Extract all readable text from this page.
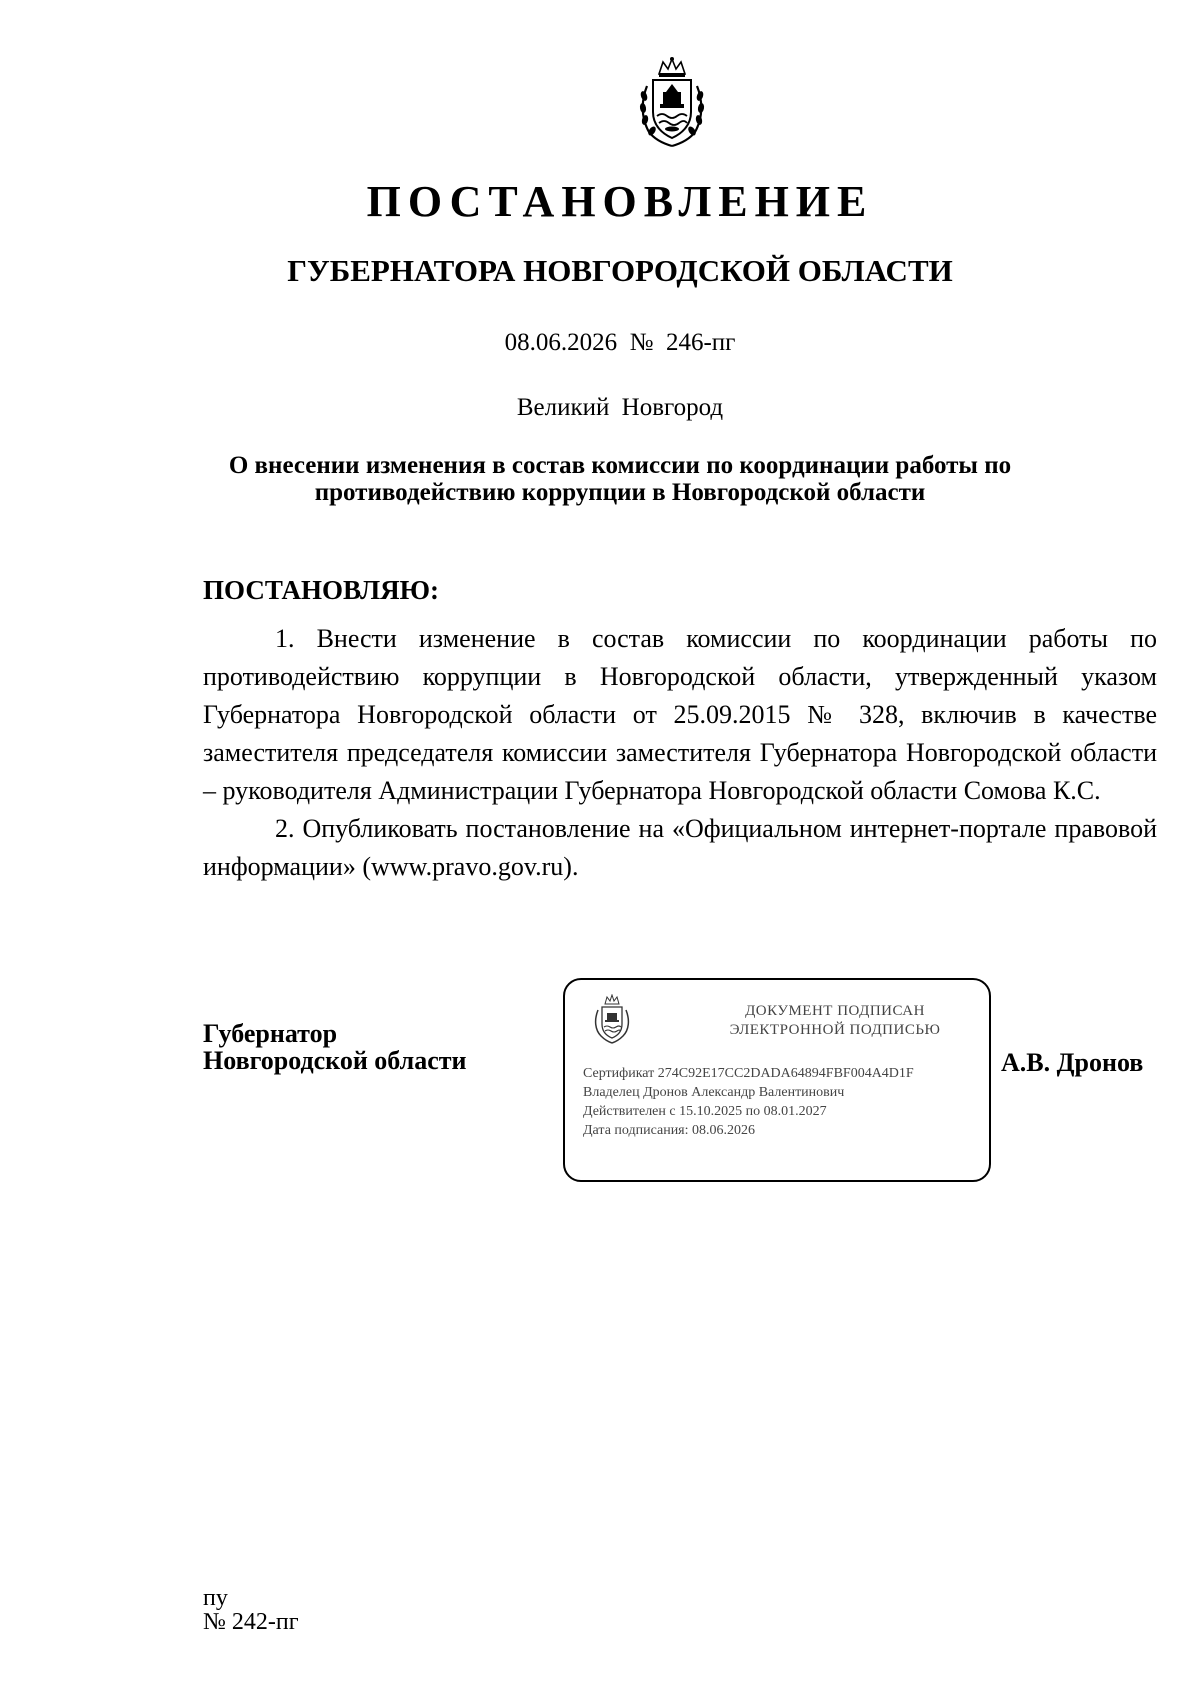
ПОСТАНОВЛЕНИЕ
ГУБЕРНАТОРА НОВГОРОДСКОЙ ОБЛАСТИ
08.06.2026 № 246-пг
Великий Новгород
О внесении изменения в состав комиссии по координации работы по противодействию коррупции в Новгородской области
ПОСТАНОВЛЯЮ:

1. Внести изменение в состав комиссии по координации работы по противодействию коррупции в Новгородской области, утвержденный указом Губернатора Новгородской области от 25.09.2015 № 328, включив в качестве заместителя председателя комиссии заместителя Губернатора Новгородской области – руководителя Администрации Губернатора Новгородской области Сомова К.С.

2. Опубликовать постановление на «Официальном интернет-портале правовой информации» (www.pravo.gov.ru).

Губернатор
Новгородской области
ДОКУМЕНТ ПОДПИСАН
ЭЛЕКТРОННОЙ ПОДПИСЬЮ
Сертификат 274C92E17CC2DADA64894FBF004A4D1F
Владелец Дронов Александр Валентинович
Действителен с 15.10.2025 по 08.01.2027
Дата подписания: 08.06.2026
А.В. Дронов
пу
№ 242-пг
